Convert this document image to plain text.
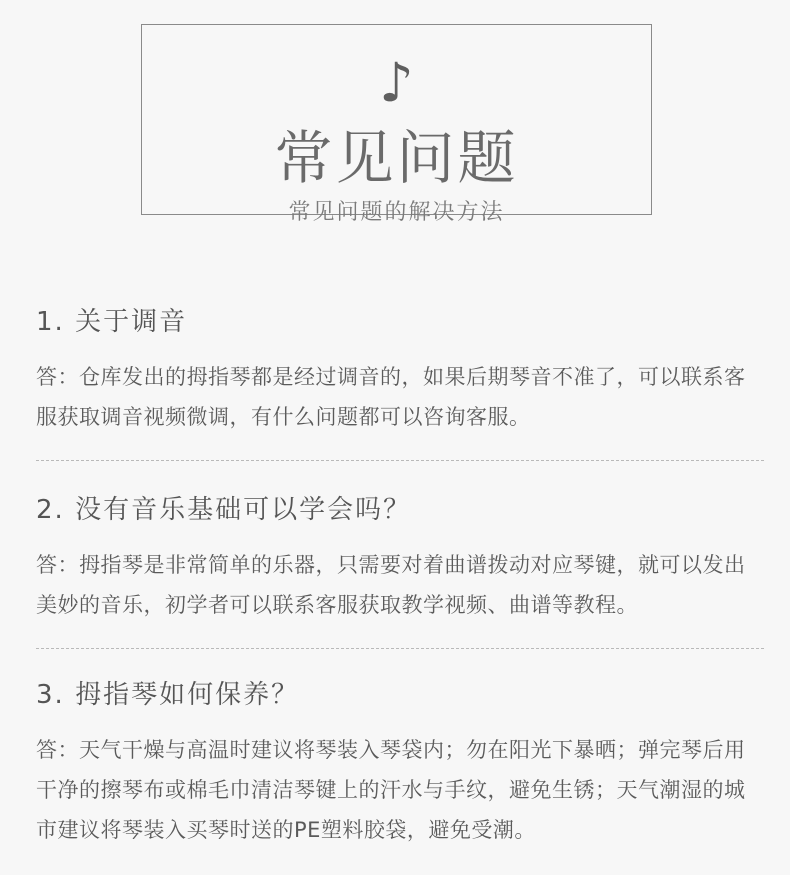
♪
常见问题
常见问题的解决方法
1. 关于调音
答：仓库发出的拇指琴都是经过调音的，如果后期琴音不准了，可以联系客服获取调音视频微调，有什么问题都可以咨询客服。
2. 没有音乐基础可以学会吗？
答：拇指琴是非常简单的乐器，只需要对着曲谱拨动对应琴键，就可以发出美妙的音乐，初学者可以联系客服获取教学视频、曲谱等教程。
3. 拇指琴如何保养？
答：天气干燥与高温时建议将琴装入琴袋内；勿在阳光下暴晒；弹完琴后用干净的擦琴布或棉毛巾清洁琴键上的汗水与手纹，避免生锈；天气潮湿的城市建议将琴装入买琴时送的PE塑料胶袋，避免受潮。
